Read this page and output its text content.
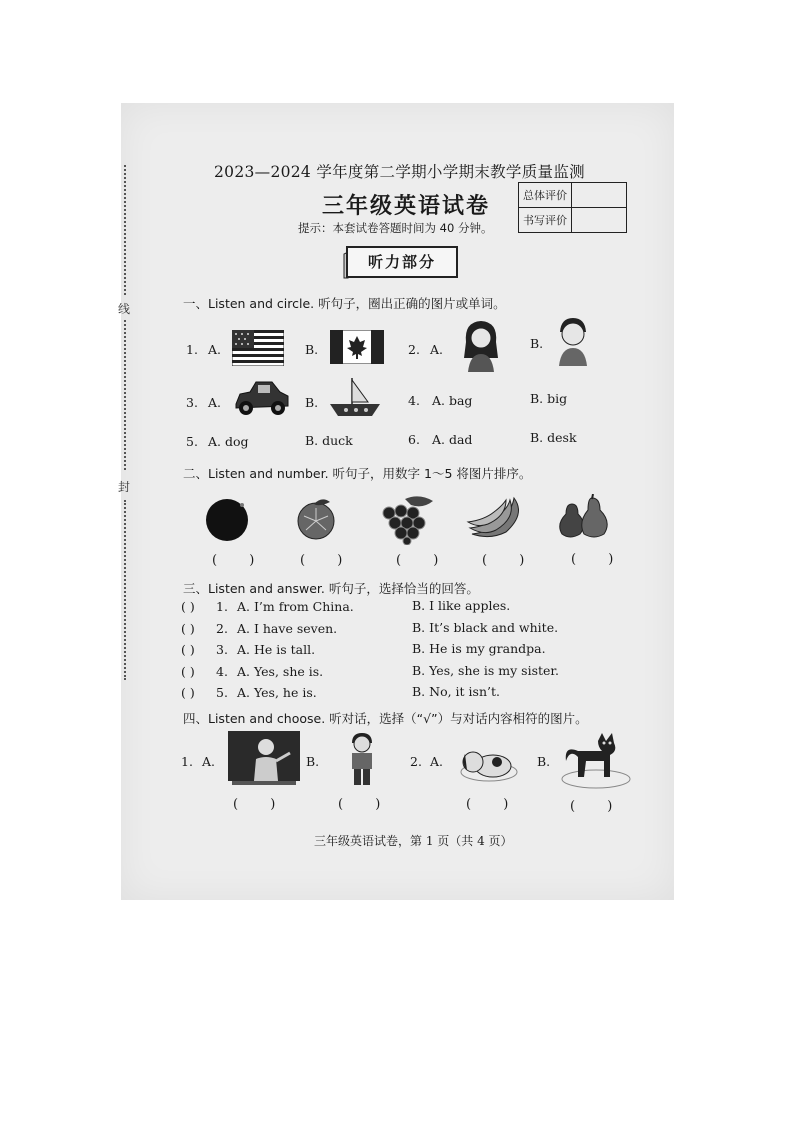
线
封
2023—2024 学年度第二学期小学期末教学质量监测
三年级英语试卷
提示：本套试卷答题时间为 40 分钟。
总体评价	
书写评价	
听力部分
一、Listen and circle. 听句子，圈出正确的图片或单词。
1. A.	B.	2. A.	B.
3. A.	B.	4. A. bag	B. big
5. A. dog	B. duck	6. A. dad	B. desk
二、Listen and number. 听句子，用数字 1～5 将图片排序。
( ) ( )	( ) ( )	( )
三、Listen and answer. 听句子，选择恰当的回答。
( ) 1. A. I’m from China.	B. I like apples.
( ) 2. A. I have seven.	B. It’s black and white.
( ) 3. A. He is tall.	B. He is my grandpa.
( ) 4. A. Yes, she is.	B. Yes, she is my sister.
( ) 5. A. Yes, he is.	B. No, it isn’t.
四、Listen and choose. 听对话，选择（“√”）与对话内容相符的图片。
1. A.	B.	2. A.	B.
( )	( )	( )	( )
三年级英语试卷，第 1 页（共 4 页）
